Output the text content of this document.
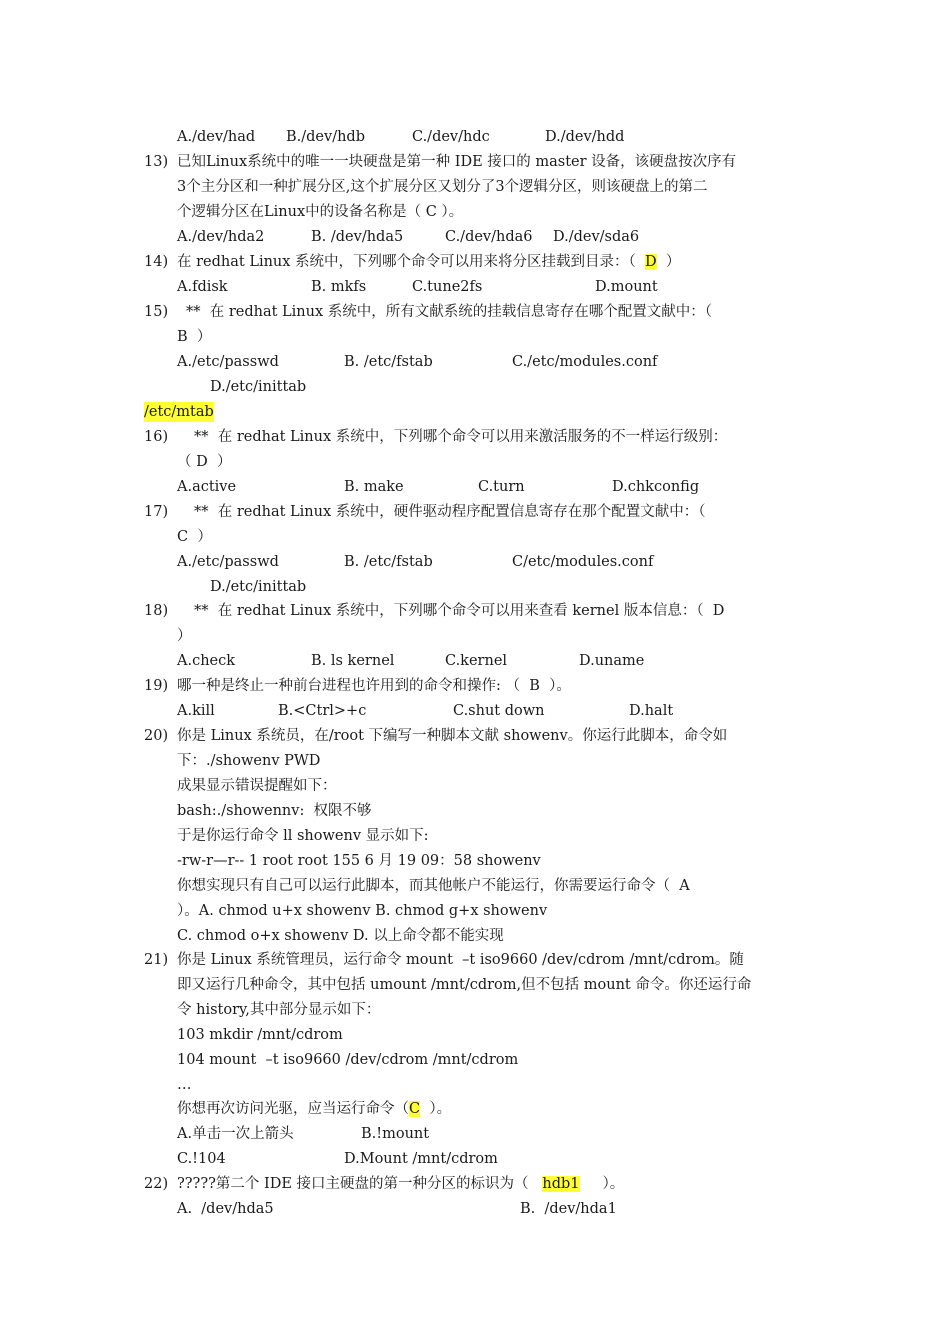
A./dev/had B./dev/hdb	C./dev/hdc	D./dev/hdd
13) 已知Linux系统中的唯一一块硬盘是第一种 IDE 接口的 master 设备，该硬盘按次序有
3个主分区和一种扩展分区,这个扩展分区又划分了3个逻辑分区，则该硬盘上的第二
个逻辑分区在Linux中的设备名称是（ C ）。
A./dev/hda2	B. /dev/hda5	C./dev/hda6 D./dev/sda6
14) 在 redhat Linux 系统中，下列哪个命令可以用来将分区挂载到目录：（ D ）
A.fdisk	B. mkfs	C.tune2fs	D.mount
15) **  在 redhat Linux 系统中，所有文献系统的挂载信息寄存在哪个配置文献中：（
B  ）
A./etc/passwd	B. /etc/fstab	C./etc/modules.conf
D./etc/inittab
/etc/mtab
16) **  在 redhat Linux 系统中，下列哪个命令可以用来激活服务的不一样运行级别：
（ D  ）
A.active	B. make	C.turn	D.chkconfig
17) **  在 redhat Linux 系统中，硬件驱动程序配置信息寄存在那个配置文献中：（
C  ）
A./etc/passwd	B. /etc/fstab	C/etc/modules.conf
D./etc/inittab
18) **  在 redhat Linux 系统中，下列哪个命令可以用来查看 kernel 版本信息：（  D
）
A.check	B. ls kernel	C.kernel	D.uname
19) 哪一种是终止一种前台进程也许用到的命令和操作: （  B  ）。
A.kill	B.<Ctrl>+c	C.shut down	D.halt
20) 你是 Linux 系统员，在/root 下编写一种脚本文献 showenv。你运行此脚本，命令如
下：./showenv PWD
成果显示错误提醒如下：
bash:./showennv:  权限不够
于是你运行命令 ll showenv 显示如下:
-rw-r—r-- 1 root root 155 6 月 19 09：58 showenv
你想实现只有自己可以运行此脚本，而其他帐户不能运行，你需要运行命令（  A
）。A. chmod u+x showenv B. chmod g+x showenv
C. chmod o+x showenv D. 以上命令都不能实现
21) 你是 Linux 系统管理员，运行命令 mount  –t iso9660 /dev/cdrom /mnt/cdrom。随
即又运行几种命令，其中包括 umount /mnt/cdrom,但不包括 mount 命令。你还运行命
令 history,其中部分显示如下：
103 mkdir /mnt/cdrom
104 mount  –t iso9660 /dev/cdrom /mnt/cdrom
…
你想再次访问光驱，应当运行命令（C  ）。
A.单击一次上箭头	B.!mount
C.!104	D.Mount /mnt/cdrom
22) ?????第二个 IDE 接口主硬盘的第一种分区的标识为（ hdb1 ）。
A.  /dev/hda5	B.  /dev/hda1
